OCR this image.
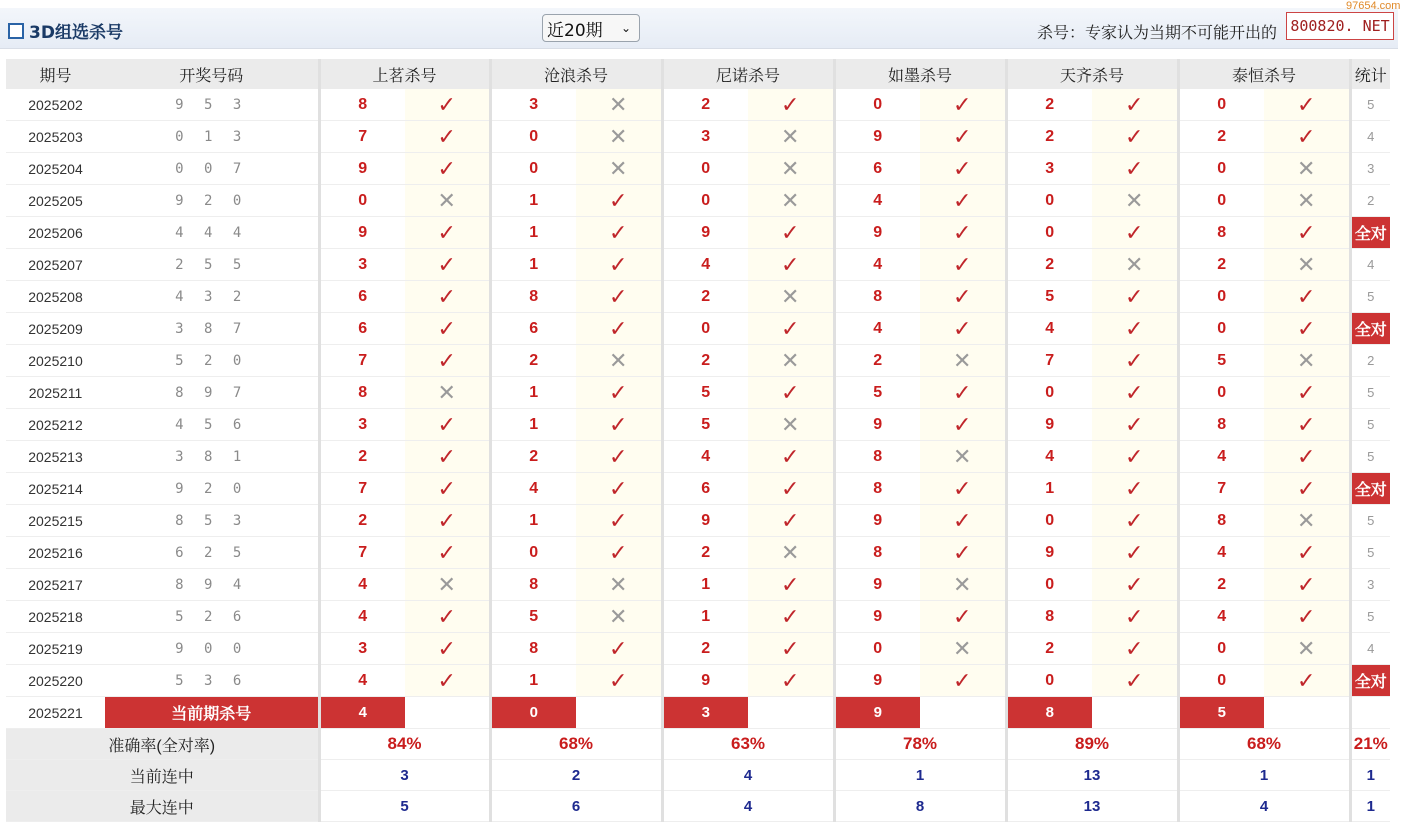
3D组选杀号	近20期 ⌄	杀号：专家认为当期不可能开出的 800820. NET
97654.com
期号	开奖号码	上茗杀号		沧浪杀号		尼诺杀号		如墨杀号		天齐杀号		泰恒杀号		统计
2025202	9 5 3	8	✓	3	✕	2	✓	0	✓	2	✓	0	✓	5
2025203	0 1 3	7	✓	0	✕	3	✕	9	✓	2	✓	2	✓	4
2025204	0 0 7	9	✓	0	✕	0	✕	6	✓	3	✓	0	✕	3
2025205	9 2 0	0	✕	1	✓	0	✕	4	✓	0	✕	0	✕	2
2025206	4 4 4	9	✓	1	✓	9	✓	9	✓	0	✓	8	✓	全对
2025207	2 5 5	3	✓	1	✓	4	✓	4	✓	2	✕	2	✕	4
2025208	4 3 2	6	✓	8	✓	2	✕	8	✓	5	✓	0	✓	5
2025209	3 8 7	6	✓	6	✓	0	✓	4	✓	4	✓	0	✓	全对
2025210	5 2 0	7	✓	2	✕	2	✕	2	✕	7	✓	5	✕	2
2025211	8 9 7	8	✕	1	✓	5	✓	5	✓	0	✓	0	✓	5
2025212	4 5 6	3	✓	1	✓	5	✕	9	✓	9	✓	8	✓	5
2025213	3 8 1	2	✓	2	✓	4	✓	8	✕	4	✓	4	✓	5
2025214	9 2 0	7	✓	4	✓	6	✓	8	✓	1	✓	7	✓	全对
2025215	8 5 3	2	✓	1	✓	9	✓	9	✓	0	✓	8	✕	5
2025216	6 2 5	7	✓	0	✓	2	✕	8	✓	9	✓	4	✓	5
2025217	8 9 4	4	✕	8	✕	1	✓	9	✕	0	✓	2	✓	3
2025218	5 2 6	4	✓	5	✕	1	✓	9	✓	8	✓	4	✓	5
2025219	9 0 0	3	✓	8	✓	2	✓	0	✕	2	✓	0	✕	4
2025220	5 3 6	4	✓	1	✓	9	✓	9	✓	0	✓	0	✓	全对
2025221	当前期杀号	4		0		3		9		8		5		
准确率(全对率)		84%		68%		63%		78%		89%		68%		21%
当前连中		3		2		4		1		13		1		1
最大连中		5		6		4		8		13		4		1
